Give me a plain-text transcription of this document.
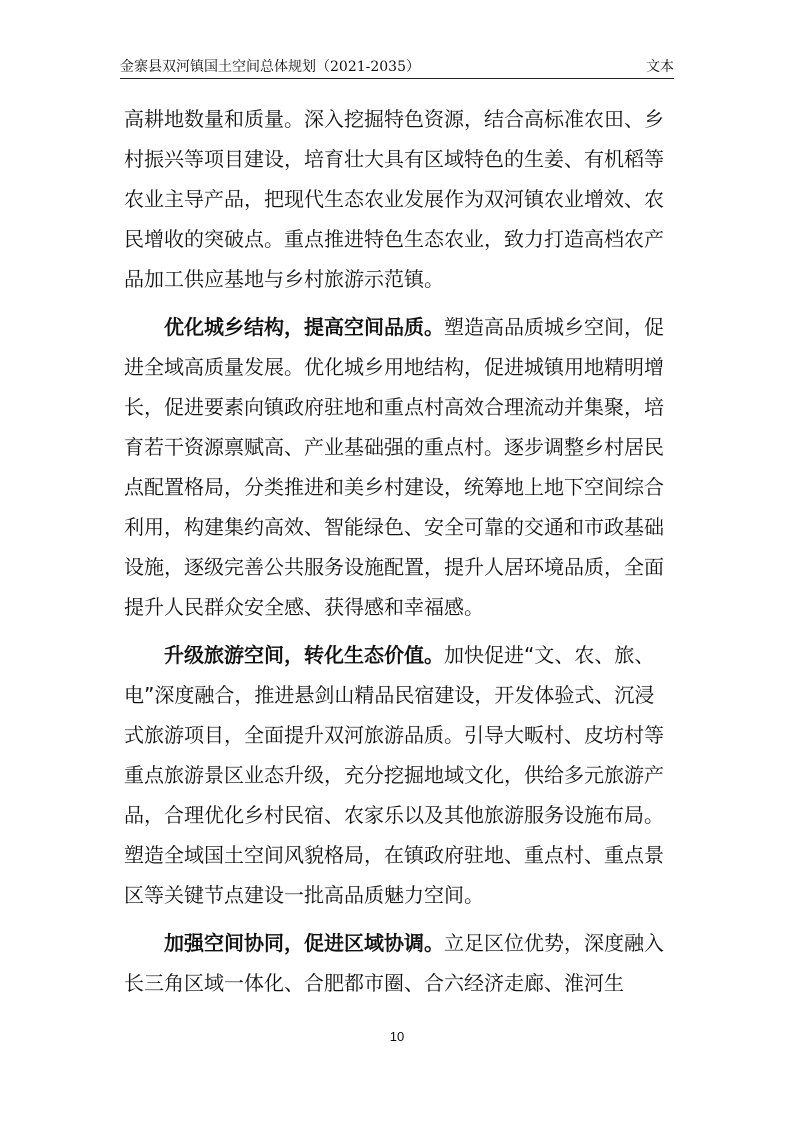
金寨县双河镇国土空间总体规划（2021-2035）	文本

高耕地数量和质量。深入挖掘特色资源，结合高标准农田、乡村振兴等项目建设，培育壮大具有区域特色的生姜、有机稻等农业主导产品，把现代生态农业发展作为双河镇农业增效、农民增收的突破点。重点推进特色生态农业，致力打造高档农产品加工供应基地与乡村旅游示范镇。

优化城乡结构，提高空间品质。塑造高品质城乡空间，促进全域高质量发展。优化城乡用地结构，促进城镇用地精明增长，促进要素向镇政府驻地和重点村高效合理流动并集聚，培育若干资源禀赋高、产业基础强的重点村。逐步调整乡村居民点配置格局，分类推进和美乡村建设，统筹地上地下空间综合利用，构建集约高效、智能绿色、安全可靠的交通和市政基础设施，逐级完善公共服务设施配置，提升人居环境品质，全面提升人民群众安全感、获得感和幸福感。

升级旅游空间，转化生态价值。加快促进“文、农、旅、电”深度融合，推进悬剑山精品民宿建设，开发体验式、沉浸式旅游项目，全面提升双河旅游品质。引导大畈村、皮坊村等重点旅游景区业态升级，充分挖掘地域文化，供给多元旅游产品，合理优化乡村民宿、农家乐以及其他旅游服务设施布局。塑造全域国土空间风貌格局，在镇政府驻地、重点村、重点景区等关键节点建设一批高品质魅力空间。

加强空间协同，促进区域协调。立足区位优势，深度融入长三角区域一体化、合肥都市圈、合六经济走廊、淮河生

10
